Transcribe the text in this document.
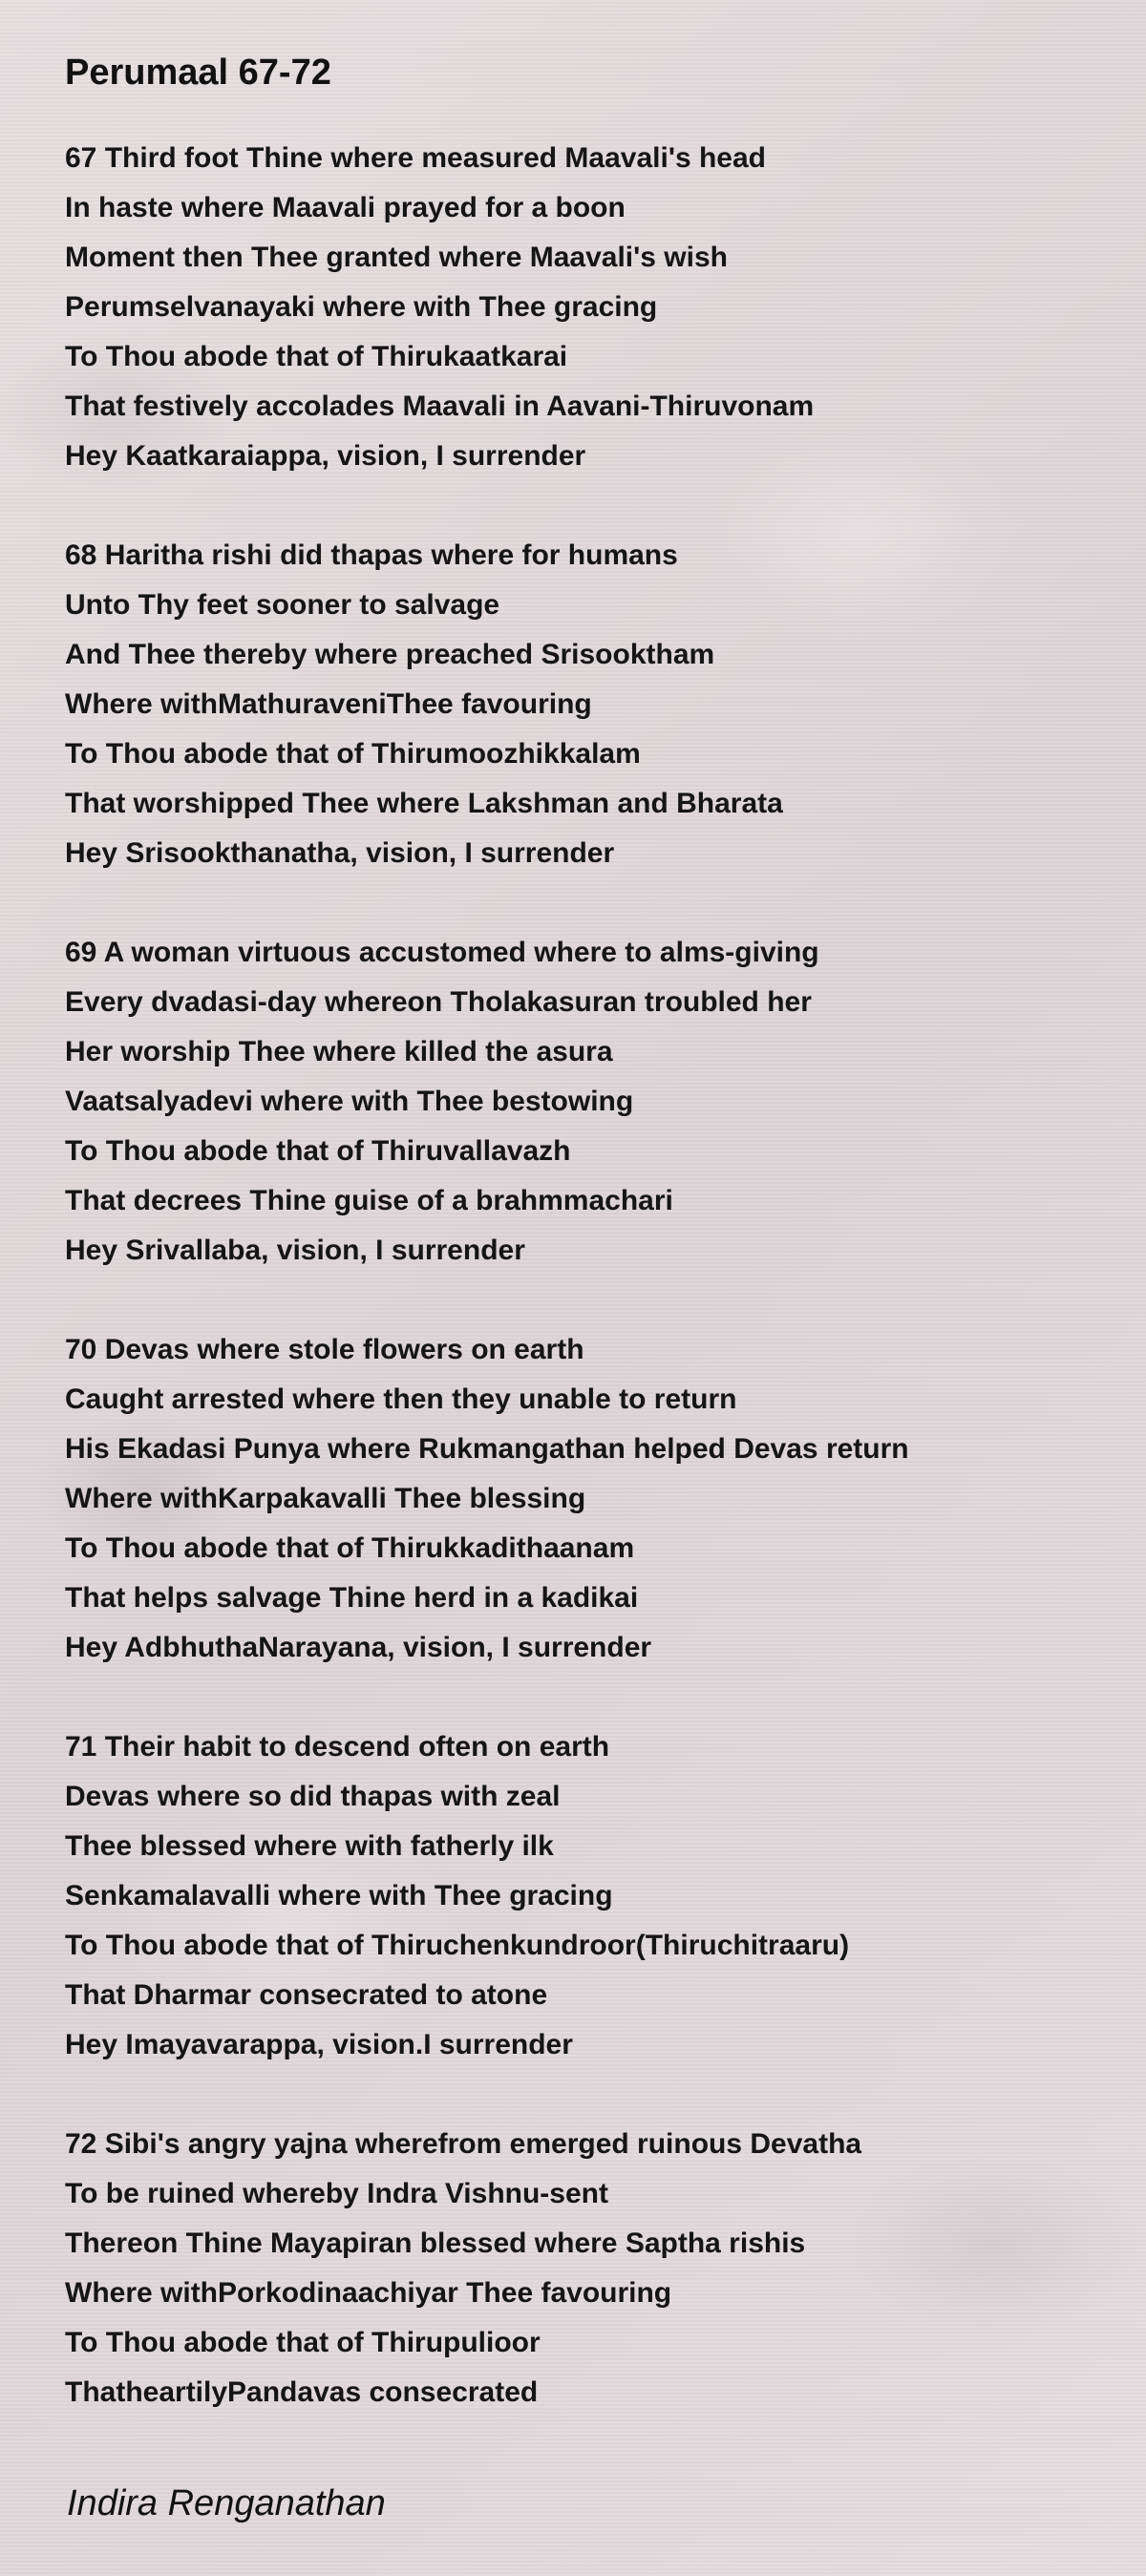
Perumaal 67-72
67 Third foot Thine where measured Maavali's head
In haste where Maavali prayed for a boon
Moment then Thee granted where Maavali's wish
Perumselvanayaki where with Thee gracing
To Thou abode that of Thirukaatkarai
That festively accolades Maavali in Aavani-Thiruvonam
Hey Kaatkaraiappa, vision, I surrender
68 Haritha rishi did thapas where for humans
Unto Thy feet sooner to salvage
And Thee thereby where preached Srisooktham
Where withMathuraveniThee favouring
To Thou abode that of Thirumoozhikkalam
That worshipped Thee where Lakshman and Bharata
Hey Srisookthanatha, vision, I surrender
69 A woman virtuous accustomed where to alms-giving
Every dvadasi-day whereon Tholakasuran troubled her
Her worship Thee where killed the asura
Vaatsalyadevi where with Thee bestowing
To Thou abode that of Thiruvallavazh
That decrees Thine guise of a brahmmachari
Hey Srivallaba, vision, I surrender
70 Devas where stole flowers on earth
Caught arrested where then they unable to return
His Ekadasi Punya where Rukmangathan helped Devas return
Where withKarpakavalli Thee blessing
To Thou abode that of Thirukkadithaanam
That helps salvage Thine herd in a kadikai
Hey AdbhuthaNarayana, vision, I surrender
71 Their habit to descend often on earth
Devas where so did thapas with zeal
Thee blessed where with fatherly ilk
Senkamalavalli where with Thee gracing
To Thou abode that of Thiruchenkundroor(Thiruchitraaru)
That Dharmar consecrated to atone
Hey Imayavarappa, vision.I surrender
72 Sibi's angry yajna wherefrom emerged ruinous Devatha
To be ruined whereby Indra Vishnu-sent
Thereon Thine Mayapiran blessed where Saptha rishis
Where withPorkodinaachiyar Thee favouring
To Thou abode that of Thirupulioor
ThatheartilyPandavas consecrated
Indira Renganathan
